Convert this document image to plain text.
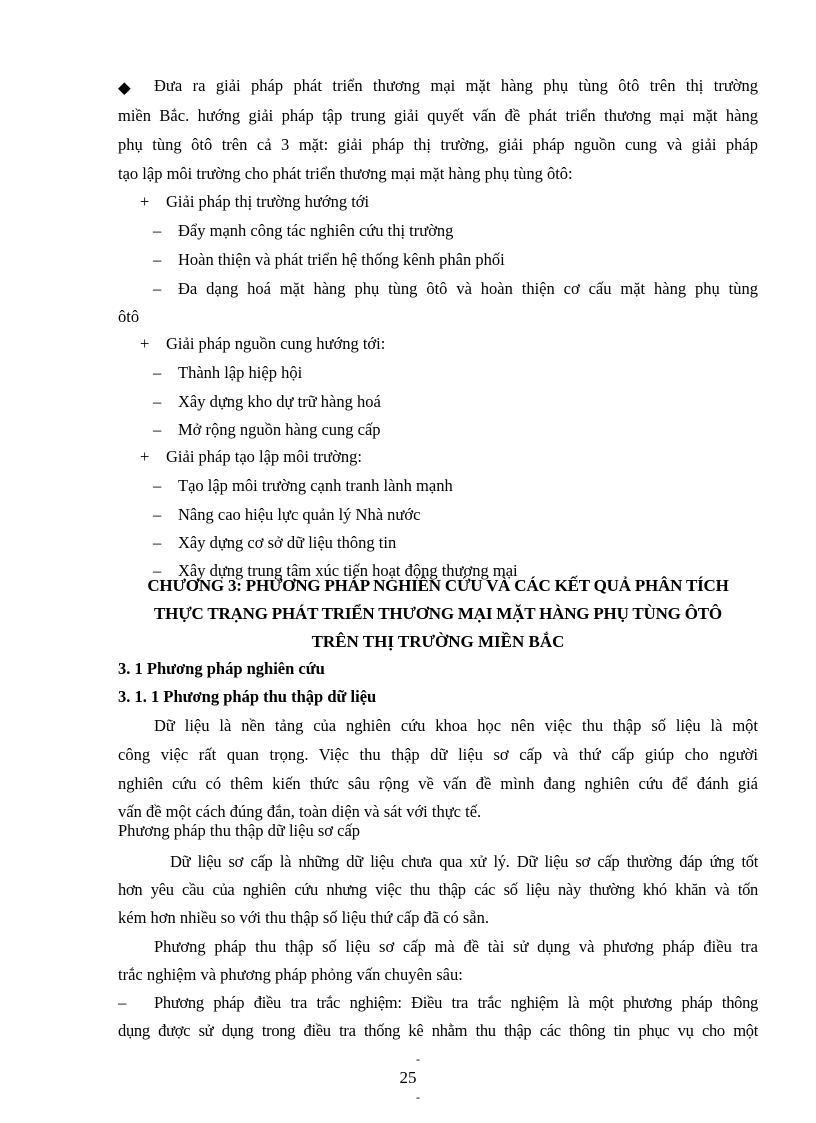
◆ Đưa ra giải pháp phát triển thương mại mặt hàng phụ tùng ôtô trên thị trường
miền Bắc. hướng giải pháp tập trung giải quyết vấn đề phát triển thương mại mặt hàng
phụ tùng ôtô trên cả 3 mặt: giải pháp thị trường, giải pháp nguồn cung và giải pháp
tạo lập môi trường cho phát triển thương mại mặt hàng phụ tùng ôtô:
+ Giải pháp thị trường hướng tới
– Đẩy mạnh công tác nghiên cứu thị trường
– Hoàn thiện và phát triển hệ thống kênh phân phối
– Đa dạng hoá mặt hàng phụ tùng ôtô và hoàn thiện cơ cấu mặt hàng phụ tùng
ôtô
+ Giải pháp nguồn cung hướng tới:
– Thành lập hiệp hội
– Xây dựng kho dự trữ hàng hoá
– Mở rộng nguồn hàng cung cấp
+ Giải pháp tạo lập môi trường:
– Tạo lập môi trường cạnh tranh lành mạnh
– Nâng cao hiệu lực quản lý Nhà nước
– Xây dựng cơ sở dữ liệu thông tin
– Xây dựng trung tâm xúc tiến hoạt động thương mại
CHƯƠNG 3: PHƯƠNG PHÁP NGHIÊN CỨU VÀ CÁC KẾT QUẢ PHÂN TÍCH
THỰC TRẠNG PHÁT TRIỂN THƯƠNG MẠI MẶT HÀNG PHỤ TÙNG ÔTÔ
TRÊN THỊ TRƯỜNG MIỀN BẮC
3. 1 Phương pháp nghiên cứu
3. 1. 1 Phương pháp thu thập dữ liệu
Dữ liệu là nền tảng của nghiên cứu khoa học nên việc thu thập số liệu là một
công việc rất quan trọng. Việc thu thập dữ liệu sơ cấp và thứ cấp giúp cho người
nghiên cứu có thêm kiến thức sâu rộng về vấn đề mình đang nghiên cứu để đánh giá
vấn đề một cách đúng đắn, toàn diện và sát với thực tế.
Phương pháp thu thập dữ liệu sơ cấp
Dữ liệu sơ cấp là những dữ liệu chưa qua xử lý. Dữ liệu sơ cấp thường đáp ứng tốt
hơn yêu cầu của nghiên cứu nhưng việc thu thập các số liệu này thường khó khăn và tốn
kém hơn nhiều so với thu thập số liệu thứ cấp đã có sẵn.
Phương pháp thu thập số liệu sơ cấp mà đề tài sử dụng và phương pháp điều tra
trắc nghiệm và phương pháp phỏng vấn chuyên sâu:
– Phương pháp điều tra trắc nghiệm: Điều tra trắc nghiệm là một phương pháp thông
dụng được sử dụng trong điều tra thống kê nhằm thu thập các thông tin phục vụ cho một
-
25
-
